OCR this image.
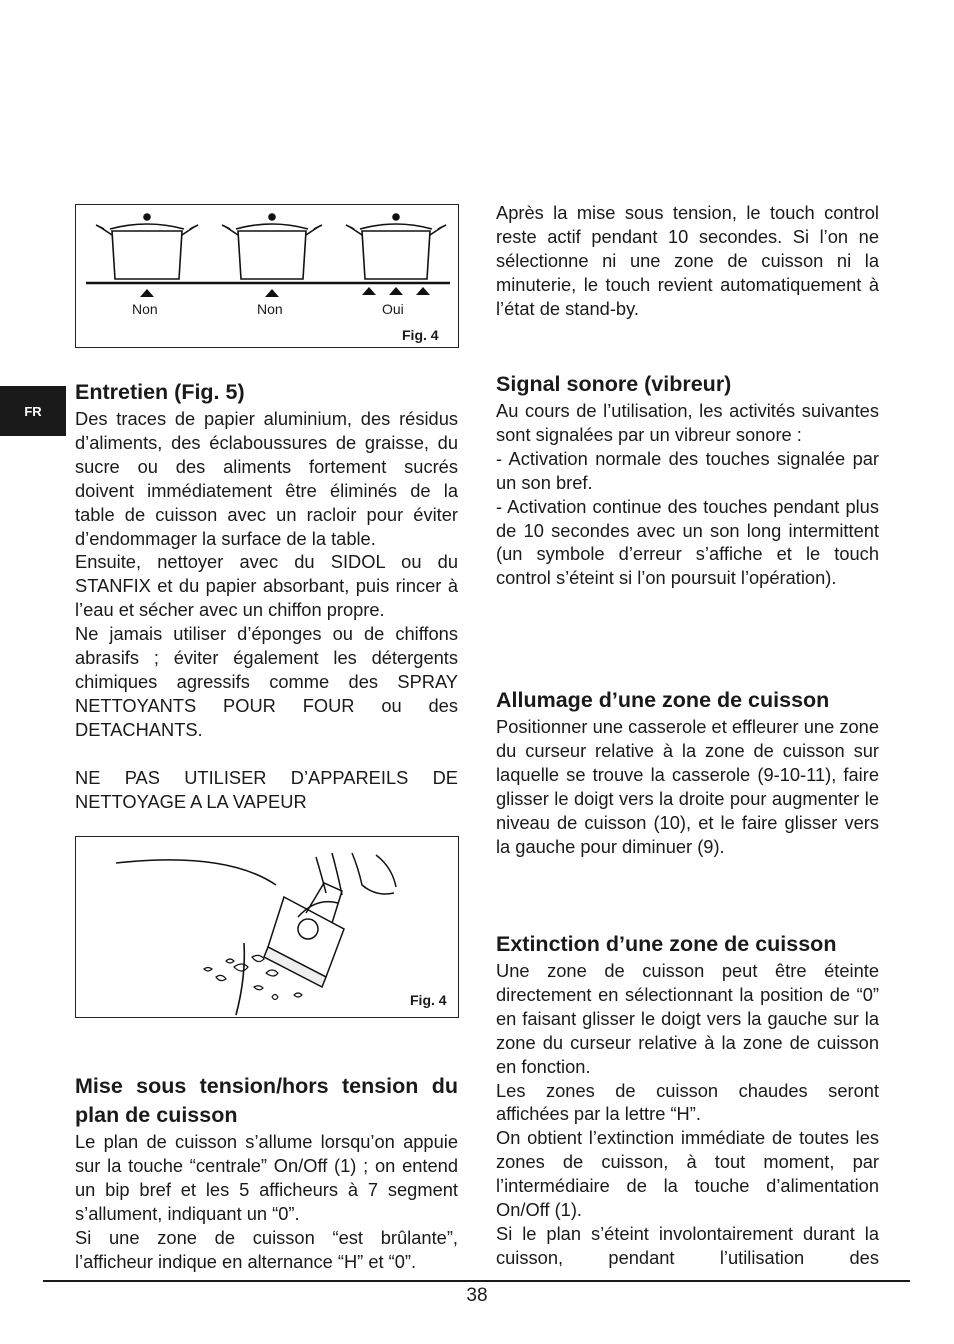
FR
Non	Non	Oui
Fig. 4
Entretien (Fig. 5)

Des traces de papier aluminium, des résidus d’aliments, des éclaboussures de graisse, du sucre ou des aliments fortement sucrés doivent immédiatement être éliminés de la table de cuisson avec un racloir pour éviter d’endommager la surface de la table.

Ensuite, nettoyer avec du SIDOL ou du STANFIX et du papier absorbant, puis rincer à l’eau et sécher avec un chiffon propre.

Ne jamais utiliser d’éponges ou de chiffons abrasifs ; éviter également les détergents chimiques agressifs comme des SPRAY NETTOYANTS POUR FOUR ou des DETACHANTS.

NE PAS UTILISER D’APPAREILS DE NETTOYAGE A LA VAPEUR

Fig. 4
Mise sous tension/hors tension du plan de cuisson

Le plan de cuisson s’allume lorsqu’on appuie sur la touche “centrale” On/Off (1) ; on entend un bip bref et les 5 afficheurs à 7 segment s’allument, indiquant un “0”.

Si une zone de cuisson “est brûlante”, l’afficheur indique en alternance “H” et “0”.

Après la mise sous tension, le touch control reste actif pendant 10 secondes. Si l’on ne sélectionne ni une zone de cuisson ni la minuterie, le touch revient automatiquement à l’état de stand-by.

Signal sonore (vibreur)

Au cours de l’utilisation, les activités suivantes sont signalées par un vibreur sonore :

- Activation normale des touches signalée par un son bref.

- Activation continue des touches pendant plus de 10 secondes avec un son long intermittent (un symbole d’erreur s’affiche et le touch control s’éteint si l’on poursuit l’opération).

Allumage d’une zone de cuisson

Positionner une casserole et effleurer une zone du curseur relative à la zone de cuisson sur laquelle se trouve la casserole (9-10-11), faire glisser le doigt vers la droite pour augmenter le niveau de cuisson (10), et le faire glisser vers la gauche pour diminuer (9).

Extinction d’une zone de cuisson

Une zone de cuisson peut être éteinte directement en sélectionnant la position de “0” en faisant glisser le doigt vers la gauche sur la zone du curseur relative à la zone de cuisson en fonction.

Les zones de cuisson chaudes seront affichées par la lettre “H”.

On obtient l’extinction immédiate de toutes les zones de cuisson, à tout moment, par l’intermédiaire de la touche d’alimentation On/Off (1).

Si le plan s’éteint involontairement durant la cuisson, pendant l’utilisation des

38
